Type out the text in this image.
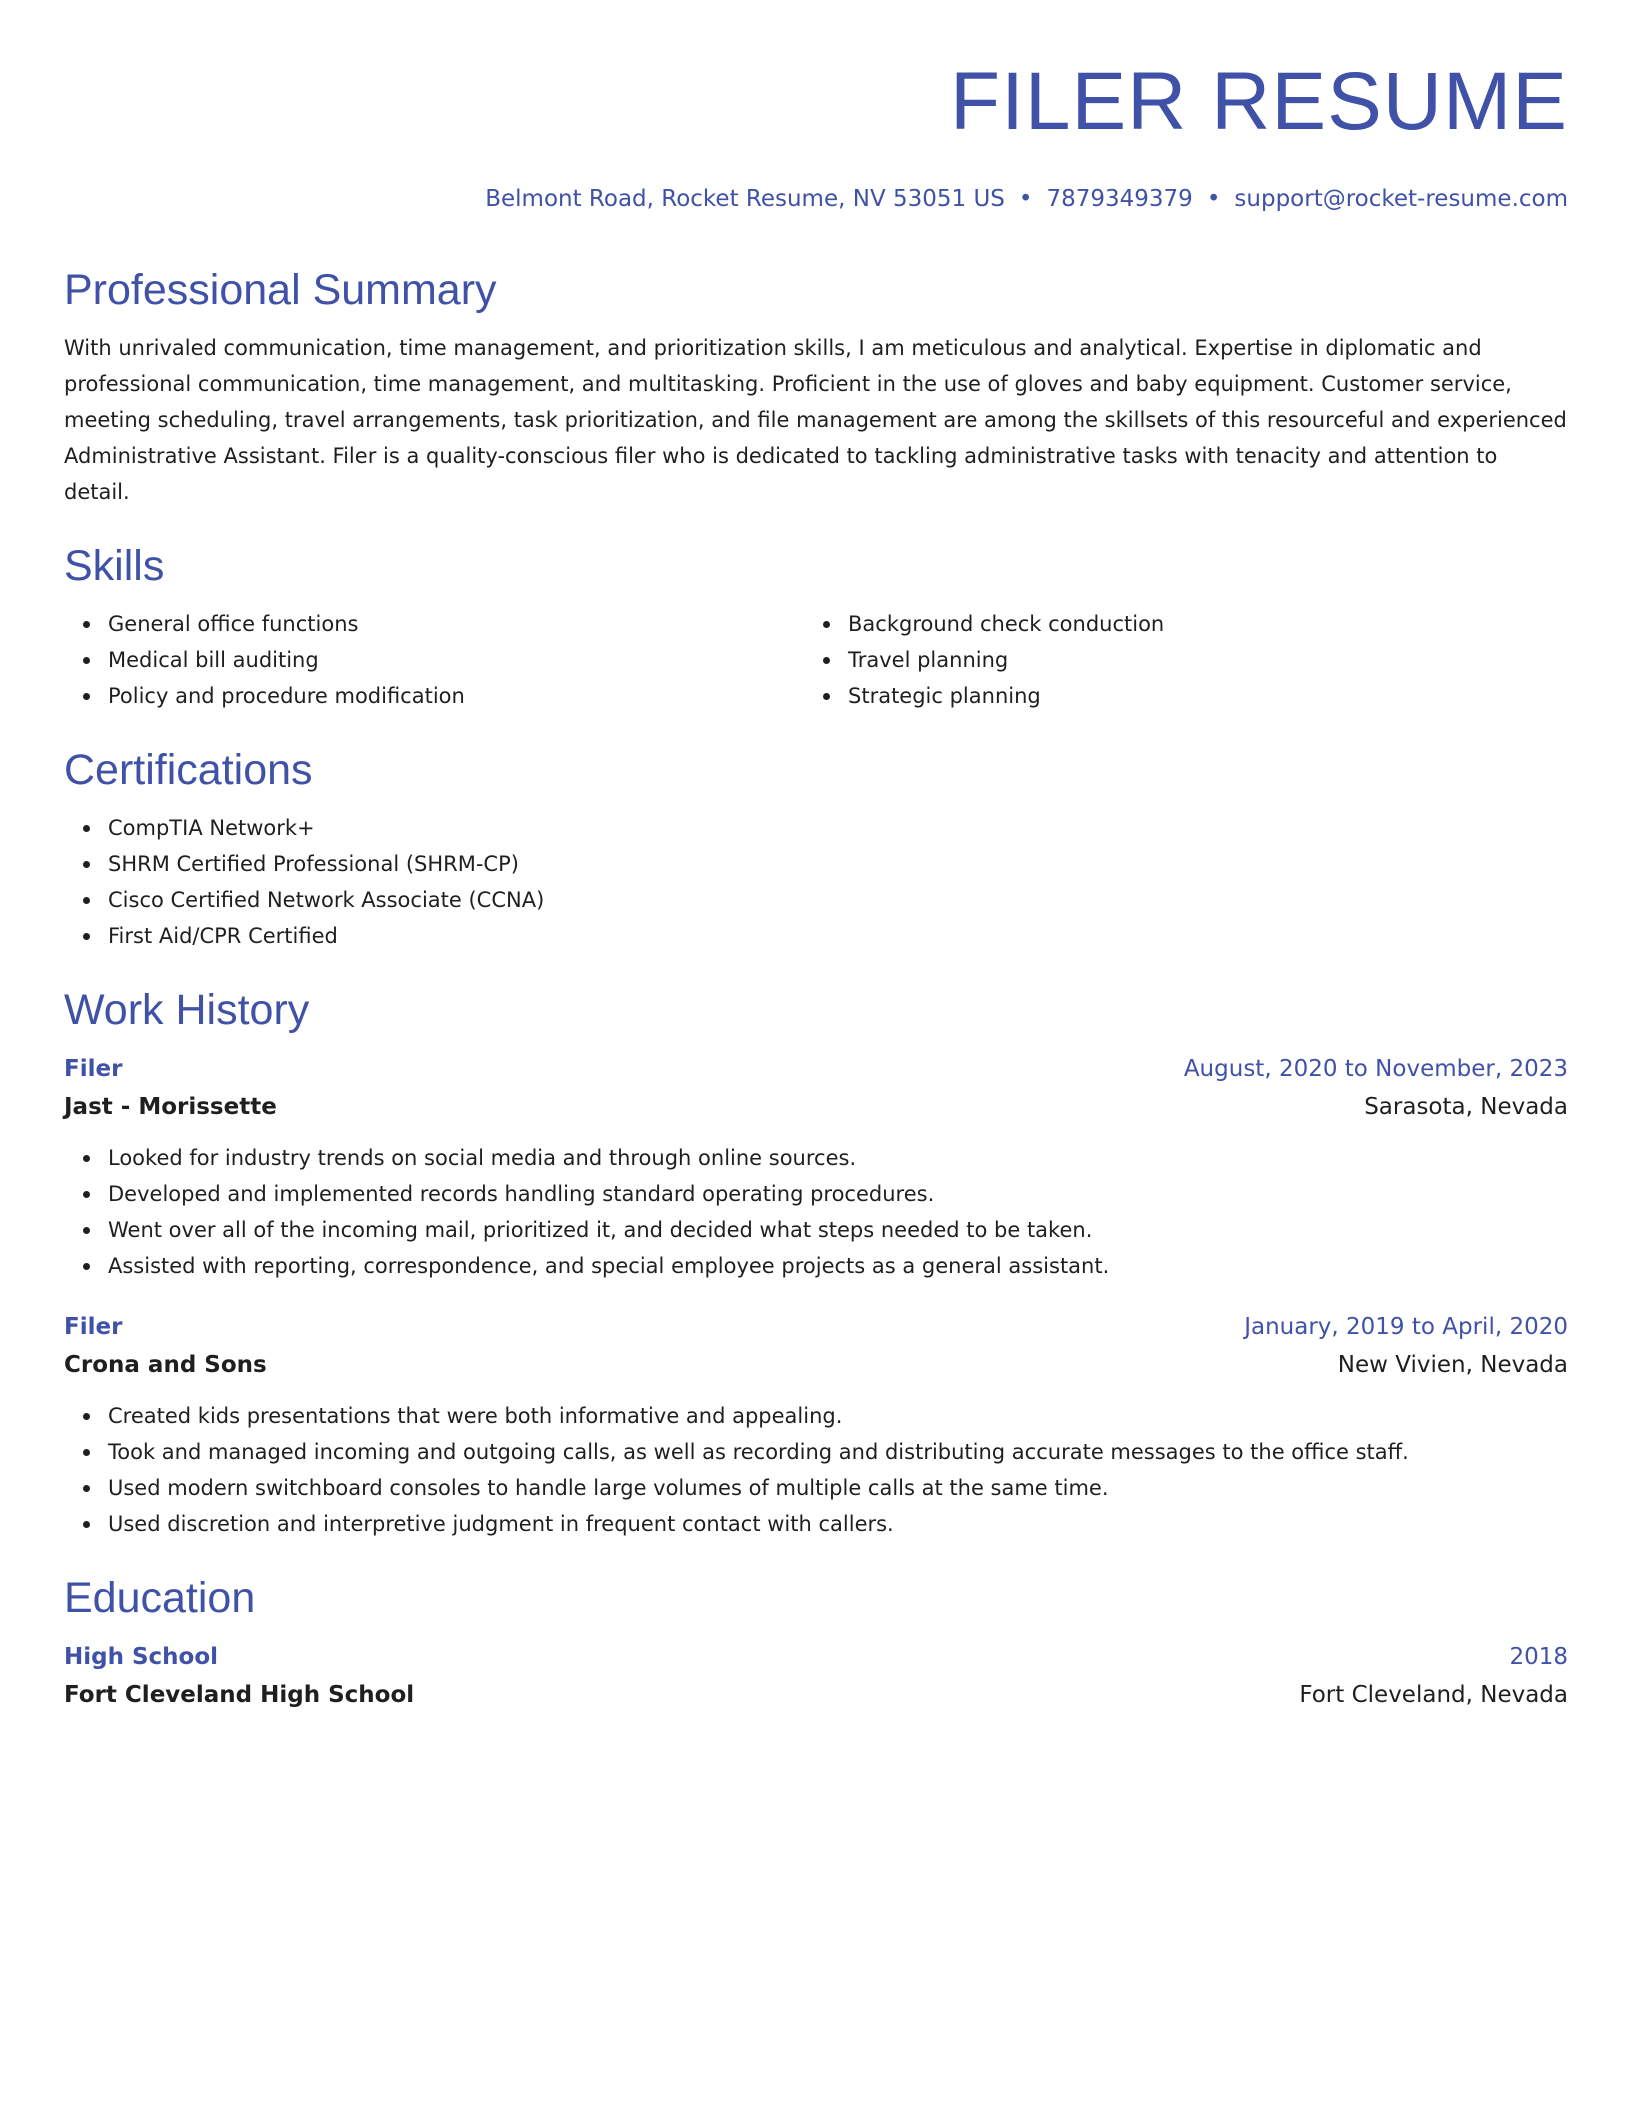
FILER RESUME
Belmont Road, Rocket Resume, NV 53051 US • 7879349379 • support@rocket-resume.com
Professional Summary

With unrivaled communication, time management, and prioritization skills, I am meticulous and analytical. Expertise in diplomatic and professional communication, time management, and multitasking. Proficient in the use of gloves and baby equipment. Customer service, meeting scheduling, travel arrangements, task prioritization, and file management are among the skillsets of this resourceful and experienced Administrative Assistant. Filer is a quality-conscious filer who is dedicated to tackling administrative tasks with tenacity and attention to detail.

Skills
General office functions
Medical bill auditing
Policy and procedure modification
Background check conduction
Travel planning
Strategic planning
Certifications
CompTIA Network+
SHRM Certified Professional (SHRM-CP)
Cisco Certified Network Associate (CCNA)
First Aid/CPR Certified
Work History
Filer	August, 2020 to November, 2023
Jast - Morissette	Sarasota, Nevada
Looked for industry trends on social media and through online sources.
Developed and implemented records handling standard operating procedures.
Went over all of the incoming mail, prioritized it, and decided what steps needed to be taken.
Assisted with reporting, correspondence, and special employee projects as a general assistant.
Filer	January, 2019 to April, 2020
Crona and Sons	New Vivien, Nevada
Created kids presentations that were both informative and appealing.
Took and managed incoming and outgoing calls, as well as recording and distributing accurate messages to the office staff.
Used modern switchboard consoles to handle large volumes of multiple calls at the same time.
Used discretion and interpretive judgment in frequent contact with callers.
Education
High School	2018
Fort Cleveland High School	Fort Cleveland, Nevada
